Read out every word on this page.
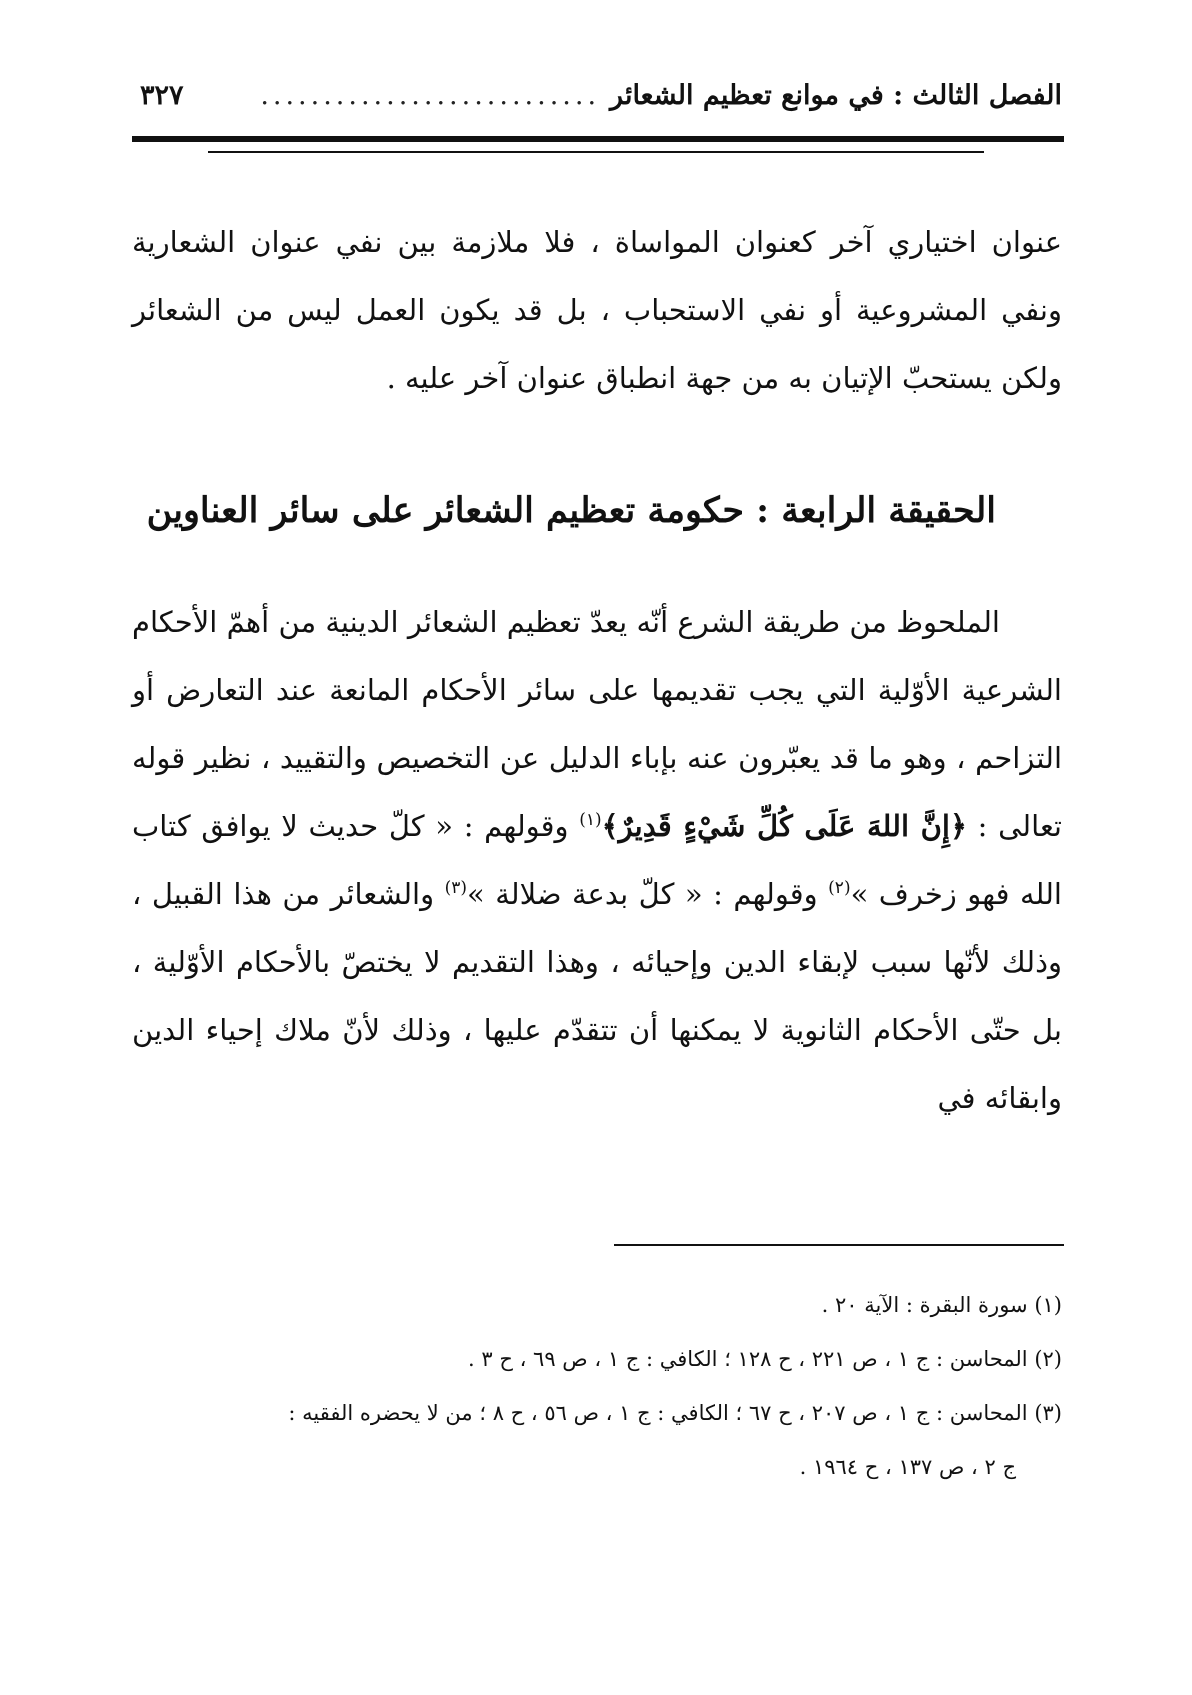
الفصل الثالث : في موانع تعظيم الشعائر
...........................
٣٢٧
عنوان اختياري آخر كعنوان المواساة ، فلا ملازمة بين نفي عنوان الشعارية ونفي المشروعية أو نفي الاستحباب ، بل قد يكون العمل ليس من الشعائر ولكن يستحبّ الإتيان به من جهة انطباق عنوان آخر عليه .
الحقيقة الرابعة : حكومة تعظيم الشعائر على سائر العناوين
الملحوظ من طريقة الشرع أنّه يعدّ تعظيم الشعائر الدينية من أهمّ الأحكام الشرعية الأوّلية التي يجب تقديمها على سائر الأحكام المانعة عند التعارض أو التزاحم ، وهو ما قد يعبّرون عنه بإباء الدليل عن التخصيص والتقييد ، نظير قوله تعالى : ﴿إِنَّ اللهَ عَلَى كُلِّ شَيْءٍ قَدِيرٌ﴾$^{(١)}$ وقولهم : « كلّ حديث لا يوافق كتاب الله فهو زخرف »$^{(٢)}$ وقولهم : « كلّ بدعة ضلالة »$^{(٣)}$ والشعائر من هذا القبيل ، وذلك لأنّها سبب لإبقاء الدين وإحيائه ، وهذا التقديم لا يختصّ بالأحكام الأوّلية ، بل حتّى الأحكام الثانوية لا يمكنها أن تتقدّم عليها ، وذلك لأنّ ملاك إحياء الدين وابقائه في
(١) سورة البقرة : الآية ٢٠ .
(٢) المحاسن : ج ١ ، ص ٢٢١ ، ح ١٢٨ ؛ الكافي : ج ١ ، ص ٦٩ ، ح ٣ .
(٣) المحاسن : ج ١ ، ص ٢٠٧ ، ح ٦٧ ؛ الكافي : ج ١ ، ص ٥٦ ، ح ٨ ؛ من لا يحضره الفقيه :
ج ٢ ، ص ١٣٧ ، ح ١٩٦٤ .
